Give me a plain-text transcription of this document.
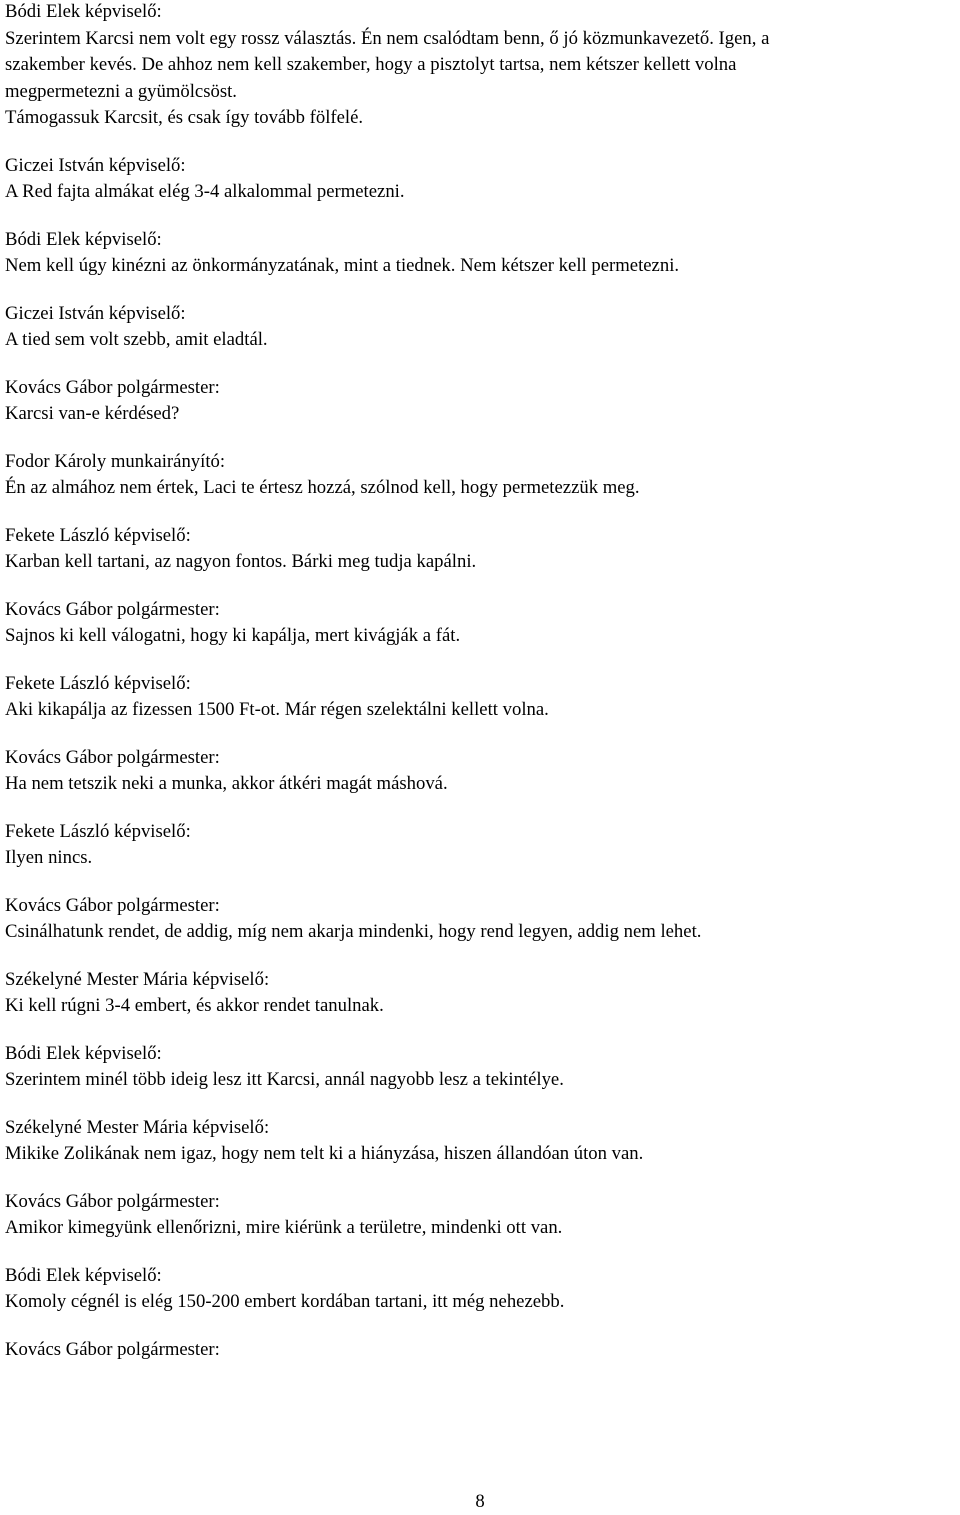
Bódi Elek képviselő:
Szerintem Karcsi nem volt egy rossz választás. Én nem csalódtam benn, ő jó közmunkavezető. Igen, a
szakember kevés. De ahhoz nem kell szakember, hogy a pisztolyt tartsa, nem kétszer kellett volna
megpermetezni a gyümölcsöst.
Támogassuk Karcsit, és csak így tovább fölfelé.
Giczei István képviselő:
A Red fajta almákat elég 3-4 alkalommal permetezni.
Bódi Elek képviselő:
Nem kell úgy kinézni az önkormányzatának, mint a tiednek. Nem kétszer kell permetezni.
Giczei István képviselő:
A tied sem volt szebb, amit eladtál.
Kovács Gábor polgármester:
Karcsi van-e kérdésed?
Fodor Károly munkairányító:
Én az almához nem értek, Laci te értesz hozzá, szólnod kell, hogy permetezzük meg.
Fekete László képviselő:
Karban kell tartani, az nagyon fontos. Bárki meg tudja kapálni.
Kovács Gábor polgármester:
Sajnos ki kell válogatni, hogy ki kapálja, mert kivágják a fát.
Fekete László képviselő:
Aki kikapálja az fizessen 1500 Ft-ot. Már régen szelektálni kellett volna.
Kovács Gábor polgármester:
Ha nem tetszik neki a munka, akkor átkéri magát máshová.
Fekete László képviselő:
Ilyen nincs.
Kovács Gábor polgármester:
Csinálhatunk rendet, de addig, míg nem akarja mindenki, hogy rend legyen, addig nem lehet.
Székelyné Mester Mária képviselő:
Ki kell rúgni 3-4 embert, és akkor rendet tanulnak.
Bódi Elek képviselő:
Szerintem minél több ideig lesz itt Karcsi, annál nagyobb lesz a tekintélye.
Székelyné Mester Mária képviselő:
Mikike Zolikának nem igaz, hogy nem telt ki a hiányzása, hiszen állandóan úton van.
Kovács Gábor polgármester:
Amikor kimegyünk ellenőrizni, mire kiérünk a területre, mindenki ott van.
Bódi Elek képviselő:
Komoly cégnél is elég 150-200 embert kordában tartani, itt még nehezebb.
Kovács Gábor polgármester:
8
